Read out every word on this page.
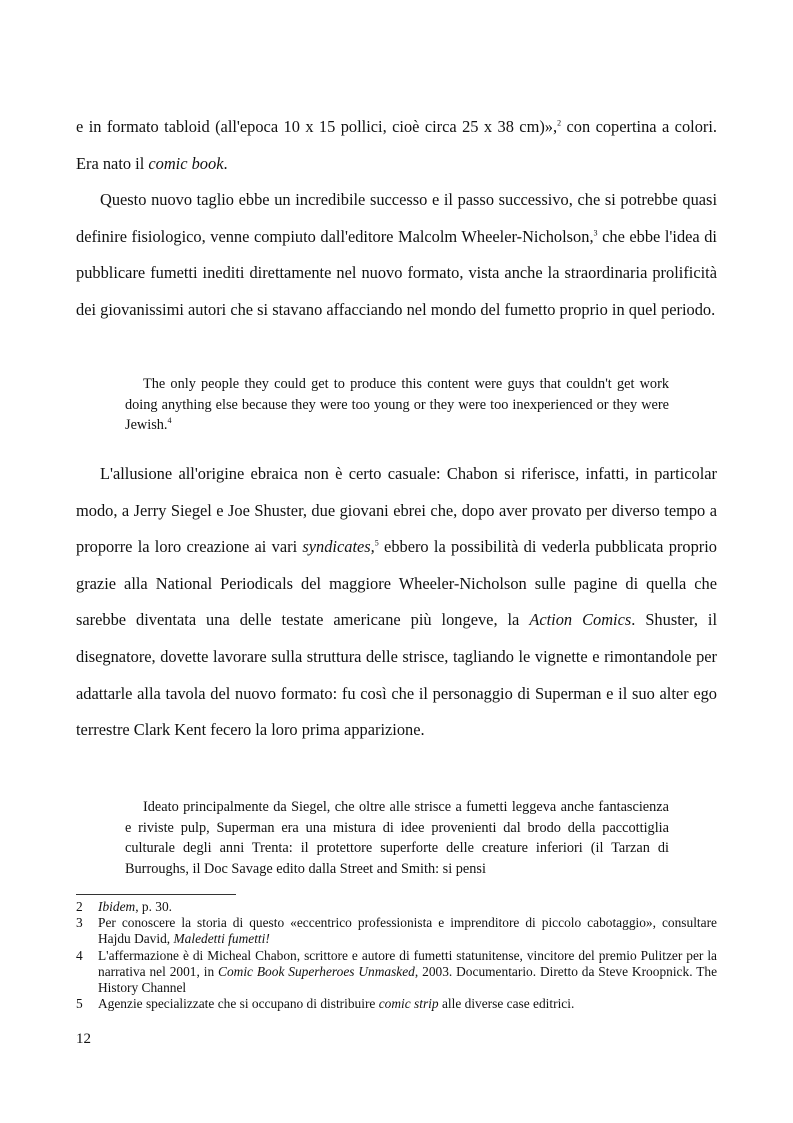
e in formato tabloid (all'epoca 10 x 15 pollici, cioè circa 25 x 38 cm)»,$^2$ con copertina a colori. Era nato il comic book.

Questo nuovo taglio ebbe un incredibile successo e il passo successivo, che si potrebbe quasi definire fisiologico, venne compiuto dall'editore Malcolm Wheeler-Nicholson,$^3$ che ebbe l'idea di pubblicare fumetti inediti direttamente nel nuovo formato, vista anche la straordinaria prolificità dei giovanissimi autori che si stavano affacciando nel mondo del fumetto proprio in quel periodo.

The only people they could get to produce this content were guys that couldn't get work doing anything else because they were too young or they were too inexperienced or they were Jewish.$^4$

L'allusione all'origine ebraica non è certo casuale: Chabon si riferisce, infatti, in particolar modo, a Jerry Siegel e Joe Shuster, due giovani ebrei che, dopo aver provato per diverso tempo a proporre la loro creazione ai vari syndicates,$^5$ ebbero la possibilità di vederla pubblicata proprio grazie alla National Periodicals del maggiore Wheeler-Nicholson sulle pagine di quella che sarebbe diventata una delle testate americane più longeve, la Action Comics. Shuster, il disegnatore, dovette lavorare sulla struttura delle strisce, tagliando le vignette e rimontandole per adattarle alla tavola del nuovo formato: fu così che il personaggio di Superman e il suo alter ego terrestre Clark Kent fecero la loro prima apparizione.

Ideato principalmente da Siegel, che oltre alle strisce a fumetti leggeva anche fantascienza e riviste pulp, Superman era una mistura di idee provenienti dal brodo della paccottiglia culturale degli anni Trenta: il protettore superforte delle creature inferiori (il Tarzan di Burroughs, il Doc Savage edito dalla Street and Smith: si pensi

2	Ibidem, p. 30.
3	Per conoscere la storia di questo «eccentrico professionista e imprenditore di piccolo cabotaggio», consultare Hajdu David, Maledetti fumetti!
4	L'affermazione è di Micheal Chabon, scrittore e autore di fumetti statunitense, vincitore del premio Pulitzer per la narrativa nel 2001, in Comic Book Superheroes Unmasked, 2003. Documentario. Diretto da Steve Kroopnick. The History Channel
5	Agenzie specializzate che si occupano di distribuire comic strip alle diverse case editrici.
12
